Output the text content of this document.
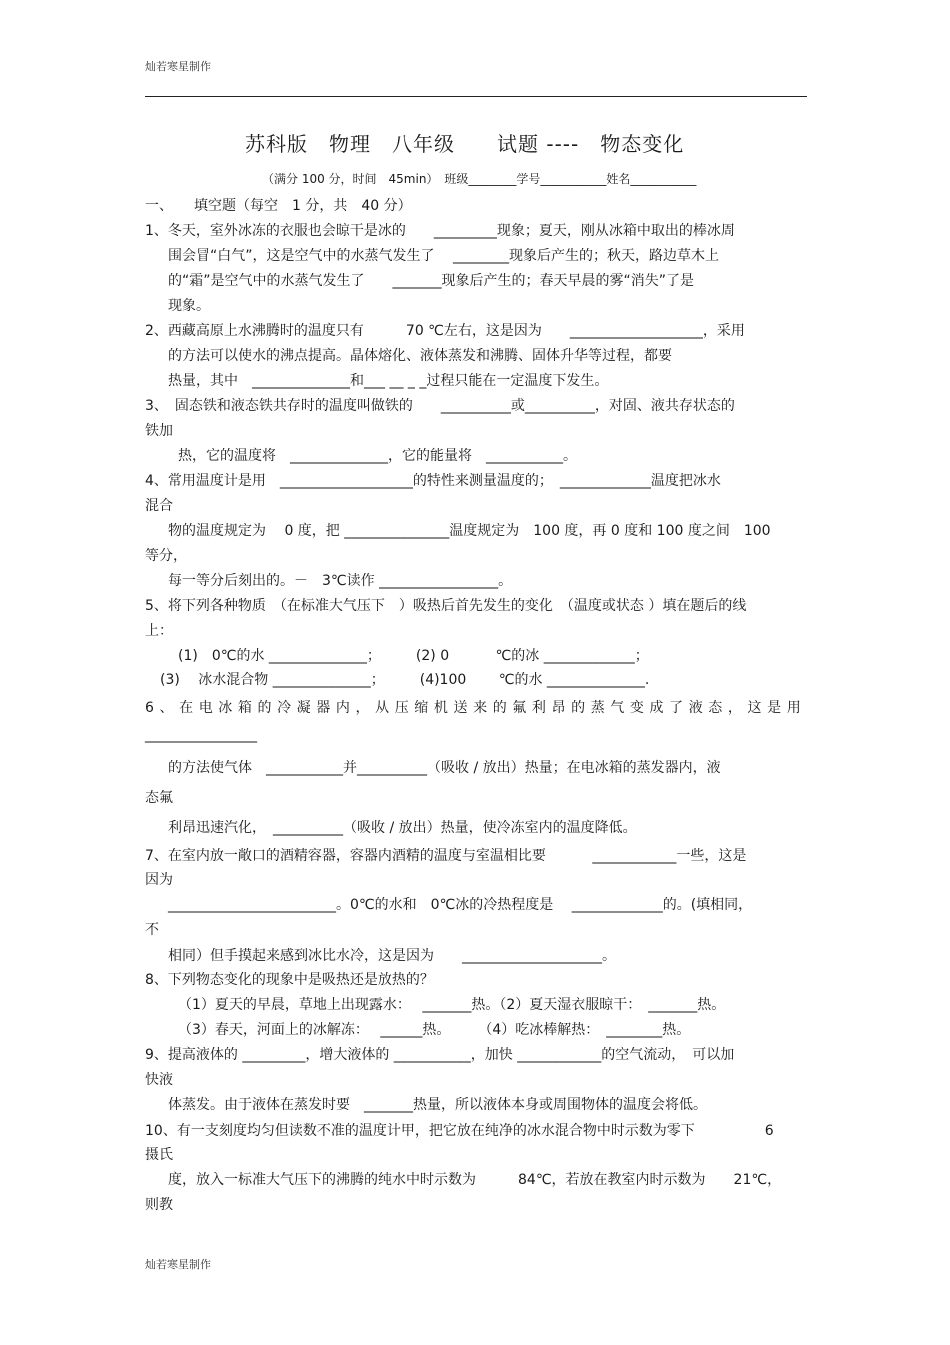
灿若寒星制作
苏科版　物理　八年级　　试题 ----　物态变化
（满分 100 分，时间　45min）　班级________学号___________姓名___________
一、　　填空题（每空　1 分，共　40 分）
1、冬天，室外冰冻的衣服也会晾干是冰的　　_________现象；夏天，刚从冰箱中取出的棒冰周
围会冒“白气”，这是空气中的水蒸气发生了　 ________现象后产生的；秋天，路边草木上
的“霜”是空气中的水蒸气发生了　　_______现象后产生的；春天早晨的雾“消失”了是
现象。
2、西藏高原上水沸腾时的温度只有　　　70 ℃左右，这是因为　　___________________，采用
的方法可以使水的沸点提高。晶体熔化、液体蒸发和沸腾、固体升华等过程，都要
热量，其中　______________和___ __ _ _过程只能在一定温度下发生。
3、　固态铁和液态铁共存时的温度叫做铁的　　__________或__________，对固、液共存状态的
铁加
热，它的温度将　______________，它的能量将　___________。
4、常用温度计是用　___________________的特性来测量温度的；　_____________温度把冰水
混合
物的温度规定为　 0 度，把 _______________温度规定为　100 度，再 0 度和 100 度之间　100
等分，
每一等分后刻出的。－　3℃读作 _________________。
5、将下列各种物质　（在标准大气压下　）吸热后首先发生的变化　（温度或状态 ）填在题后的线
上：
(1)　0℃的水 ______________；　　　(2) 0　　　 ℃的冰 _____________；
(3)　 冰水混合物 ______________；　　　(4)100　　 ℃的水 ______________.
6、在电冰箱的冷凝器内，从压缩机送来的氟利昂的蒸气变成了液态，这是用
________________
的方法使气体　___________并__________（吸收 / 放出）热量；在电冰箱的蒸发器内，液
态氟
利昂迅速汽化，　__________（吸收 / 放出）热量，使冷冻室内的温度降低。
7、在室内放一敞口的酒精容器，容器内酒精的温度与室温相比要　　　 ____________一些，这是
因为
________________________。0℃的水和　0℃冰的冷热程度是　 _____________的。(填相同，
不
相同）但手摸起来感到冰比水冷，这是因为　　____________________。
8、下列物态变化的现象中是吸热还是放热的？
（1）夏天的早晨，草地上出现露水：　 _______热。（2）夏天湿衣服晾干：　_______热。
（3）春天，河面上的冰解冻：　 ______热。　　　（4）吃冰棒解热：　________热。
9、提高液体的 _________，增大液体的 ___________，加快 ____________的空气流动，　可以加
快液
体蒸发。由于液体在蒸发时要　_______热量，所以液体本身或周围物体的温度会将低。
10、有一支刻度均匀但读数不准的温度计甲，把它放在纯净的冰水混合物中时示数为零下　　　　　6
摄氏
度，放入一标准大气压下的沸腾的纯水中时示数为　　　84℃，若放在教室内时示数为　　21℃，
则教
灿若寒星制作
